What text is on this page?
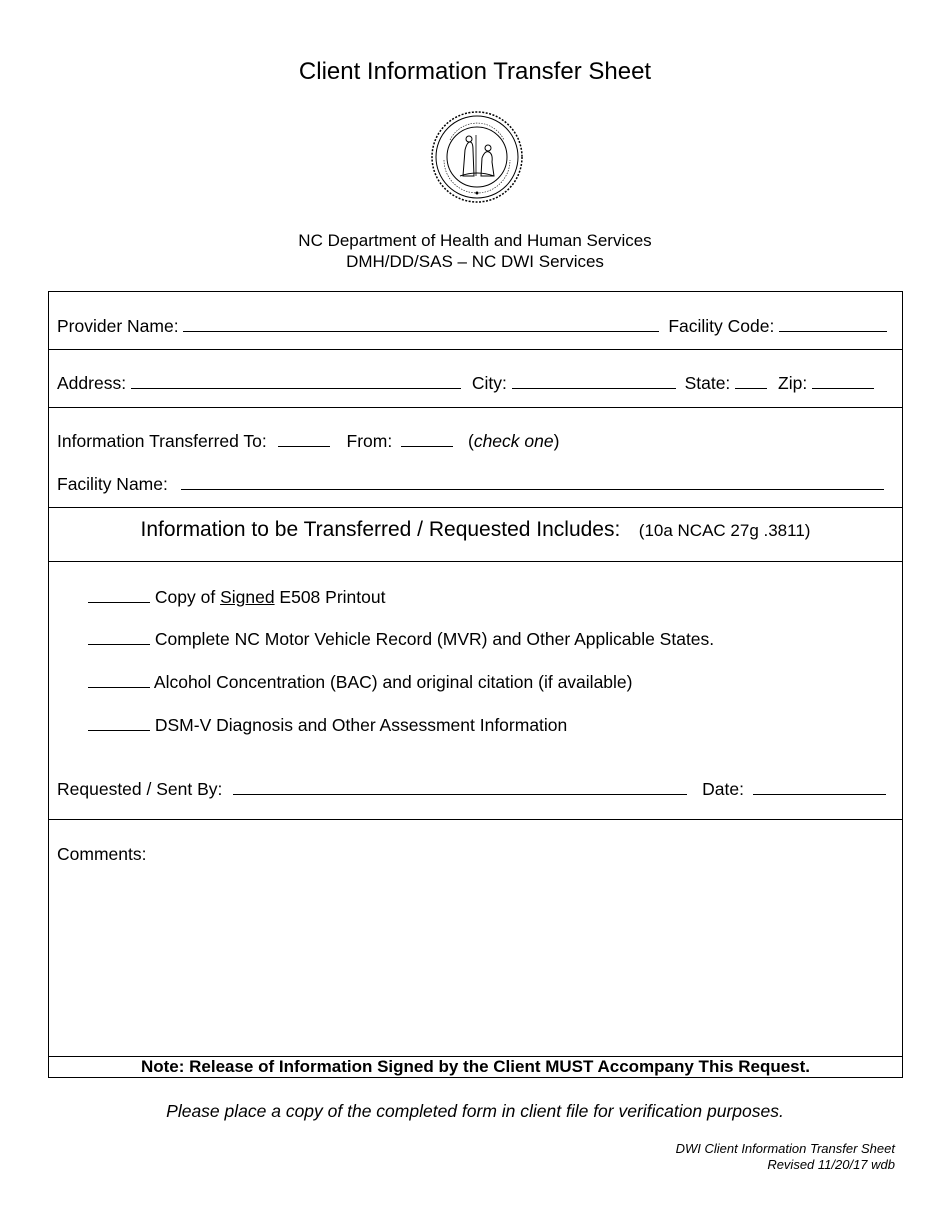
Client Information Transfer Sheet
NC Department of Health and Human Services
DMH/DD/SAS – NC DWI Services
Provider Name:	Facility Code:
Address:	City:	State:	Zip:
Information Transferred To:	From:	(check one)
Facility Name:
Information to be Transferred / Requested Includes: (10a NCAC 27g .3811)
Copy of Signed E508 Printout
Complete NC Motor Vehicle Record (MVR) and Other Applicable States.
Alcohol Concentration (BAC) and original citation (if available)
DSM-V Diagnosis and Other Assessment Information
Requested / Sent By:	Date:
Comments:
Note: Release of Information Signed by the Client MUST Accompany This Request.
Please place a copy of the completed form in client file for verification purposes.
DWI Client Information Transfer Sheet
Revised 11/20/17 wdb
